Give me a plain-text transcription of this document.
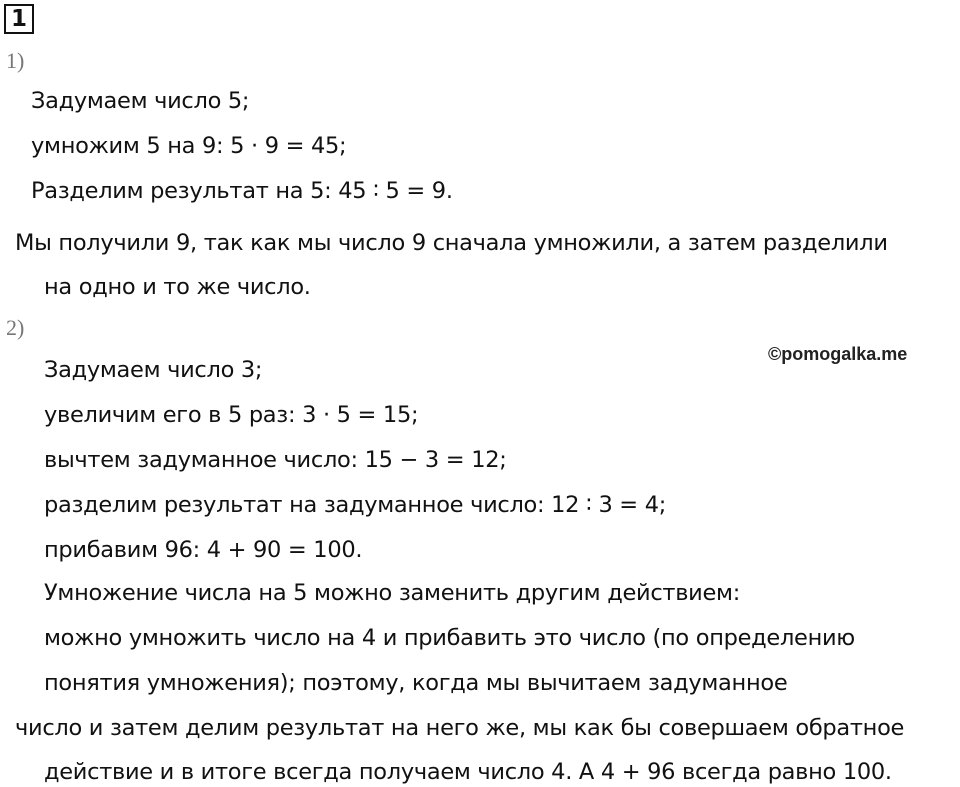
1
1)
Задумаем число 5;
умножим 5 на 9: 5 · 9 = 45;
Разделим результат на 5: 45 ∶ 5 = 9.
Мы получили 9, так как мы число 9 сначала умножили, а затем разделили
на одно и то же число.
2)
©pomogalka.me
Задумаем число 3;
увеличим его в 5 раз: 3 · 5 = 15;
вычтем задуманное число: 15 − 3 = 12;
разделим результат на задуманное число: 12 ∶ 3 = 4;
прибавим 96: 4 + 90 = 100.
Умножение числа на 5 можно заменить другим действием:
можно умножить число на 4 и прибавить это число (по определению
понятия умножения); поэтому, когда мы вычитаем задуманное
число и затем делим результат на него же, мы как бы совершаем обратное
действие и в итоге всегда получаем число 4. А 4 + 96 всегда равно 100.
